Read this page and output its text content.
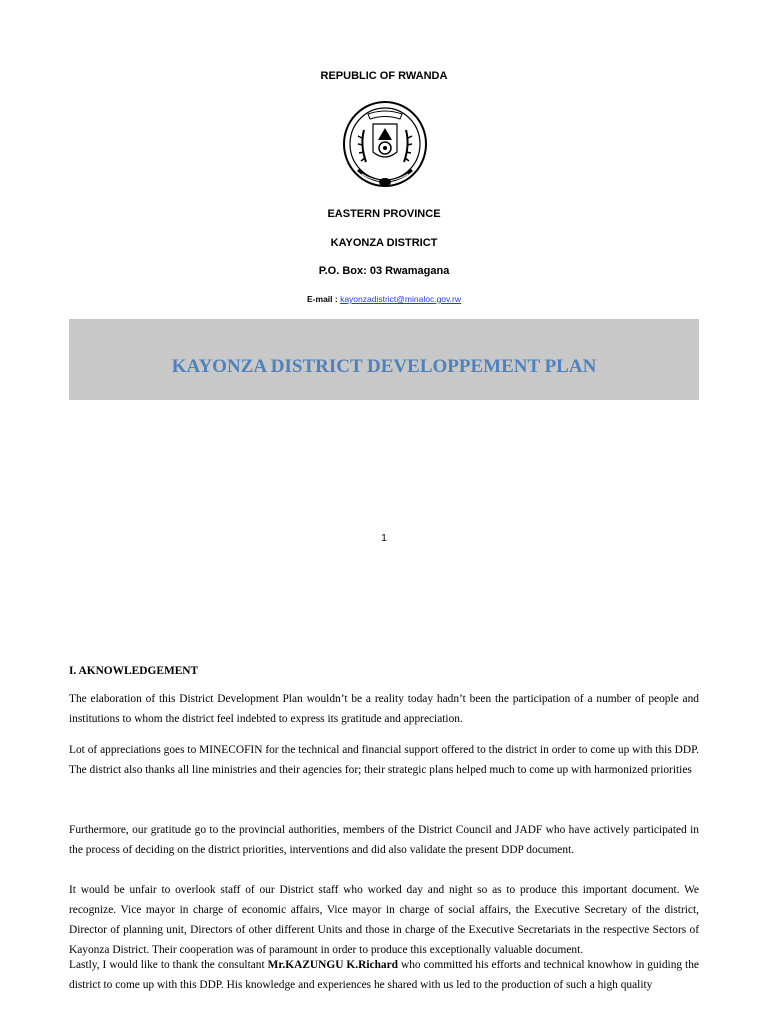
REPUBLIC OF RWANDA
EASTERN PROVINCE
KAYONZA DISTRICT
P.O. Box: 03 Rwamagana
E-mail : kayonzadistrict@minaloc.gov.rw
KAYONZA DISTRICT DEVELOPPEMENT PLAN
1
I. AKNOWLEDGEMENT
The elaboration of this District Development Plan wouldn’t be a reality today hadn’t been the participation of a number of people and institutions to whom the district feel indebted to express its gratitude and appreciation.
Lot of appreciations goes to MINECOFIN for the technical and financial support offered to the district in order to come up with this DDP. The district also thanks all line ministries and their agencies for; their strategic plans helped much to come up with harmonized priorities
Furthermore, our gratitude go to the provincial authorities, members of the District Council and JADF who have actively participated in the process of deciding on the district priorities, interventions and did also validate the present DDP document.
It would be unfair to overlook staff of our District staff who worked day and night so as to produce this important document. We recognize. Vice mayor in charge of economic affairs, Vice mayor in charge of social affairs, the Executive Secretary of the district, Director of planning unit, Directors of other different Units and those in charge of the Executive Secretariats in the respective Sectors of Kayonza District. Their cooperation was of paramount in order to produce this exceptionally valuable document.
Lastly, I would like to thank the consultant Mr.KAZUNGU K.Richard who committed his efforts and technical knowhow in guiding the district to come up with this DDP. His knowledge and experiences he shared with us led to the production of such a high quality
